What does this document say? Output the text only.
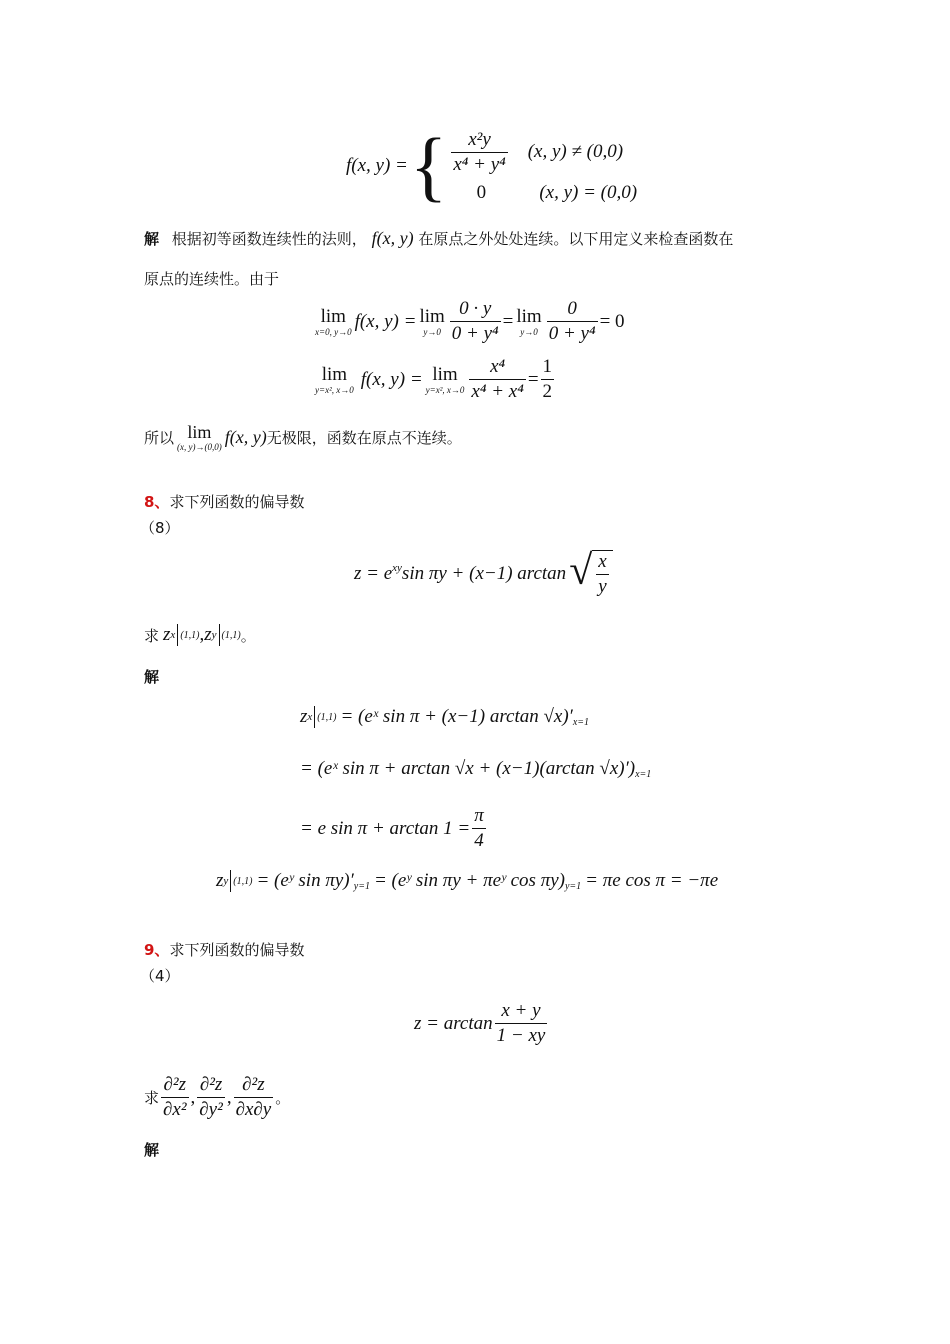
f(x, y) = { $\frac{\text{x²y}}{\text{x⁴ + y⁴}} (x$, y) ≠ (0,0)
0	(x, y) = (0,0)
解 根据初等函数连续性的法则， f(x, y) 在原点之外处处连续。以下用定义来检查函数在
原点的连续性。由于
lim
x=0, y→0
f(x, y) = lim
$y\to 0 \frac{0 \cdot y}{\text{0 + y⁴}} = \lim$
$y\to 0 \frac{0}{\text{0 + y⁴}} = 0$
lim
y=x², x→0
f(x, y) = lim
y=x², $x\to 0 \frac{\text{x⁴}}{\text{x⁴ + x⁴}} = \frac{1}{2}$
所以 lim
(x, y)→(0,0)
f(x, y) 无极限，函数在原点不连续。
8、求下列函数的偏导数
（8）
$z = e^{xy}$ sin πy + (x−1) arctan √ $\frac{x}{y}$
求 z x (1,1) , z y (1,1) 。
解
z x (1,1) = (eˣ sin π + (x−1) $\arctan √x)'_{x=1}$
= (eˣ sin π + arctan √x + (x−1)(arctan $√x)')_{x=1}$
= e $\sin \pi + \arctan 1 = \frac{\pi}{4}$
z y (1,1) = (eʸ $\sin \pi y)'_{y=1}$ = (eʸ sin πy + πeʸ $\cos \pi y)_{y=1} = \pi e$ cos π = −πe
9、求下列函数的偏导数
（4）
$z = \arctan \frac{x + y}{1 - xy}$
求 $\frac{\text{∂²z}}{\text{∂x²}}$ , $\frac{\text{∂²z}}{\text{∂y²}}$ , $\frac{\text{∂²z}}{\partial x\partial y}$ 。
解
